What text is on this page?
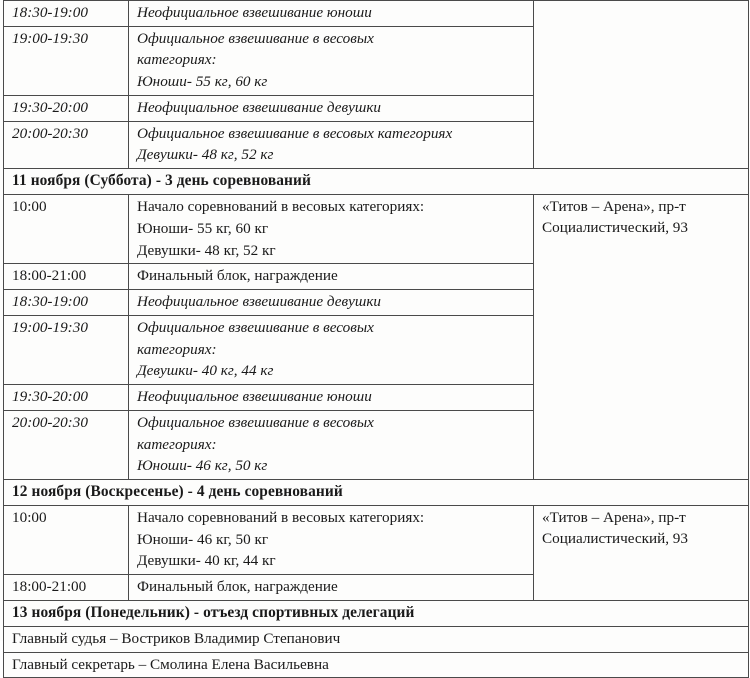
18:30-19:00	Неофициальное взвешивание юноши	
19:00-19:30	Официальное взвешивание в весовых
категориях:
Юноши- 55 кг, 60 кг	

19:30-20:00	Неофициальное взвешивание девушки	
20:00-20:30	Официальное взвешивание в весовых категориях
Девушки- 48 кг, 52 кг	

11 ноября (Суббота) - 3 день соревнований		
10:00	Начало соревнований в весовых категориях:
Юноши- 55 кг, 60 кг
Девушки- 48 кг, 52 кг	«Титов – Арена», пр-т
Социалистический, 93

18:00-21:00	Финальный блок, награждение	
18:30-19:00	Неофициальное взвешивание девушки	
19:00-19:30	Официальное взвешивание в весовых
категориях:
Девушки- 40 кг, 44 кг	

19:30-20:00	Неофициальное взвешивание юноши	
20:00-20:30	Официальное взвешивание в весовых
категориях:
Юноши- 46 кг, 50 кг	

12 ноября (Воскресенье) - 4 день соревнований		
10:00	Начало соревнований в весовых категориях:
Юноши- 46 кг, 50 кг
Девушки- 40 кг, 44 кг	«Титов – Арена», пр-т
Социалистический, 93

18:00-21:00	Финальный блок, награждение	
13 ноября (Понедельник) - отъезд спортивных делегаций		
Главный судья – Востриков Владимир Степанович		
Главный секретарь – Смолина Елена Васильевна		
